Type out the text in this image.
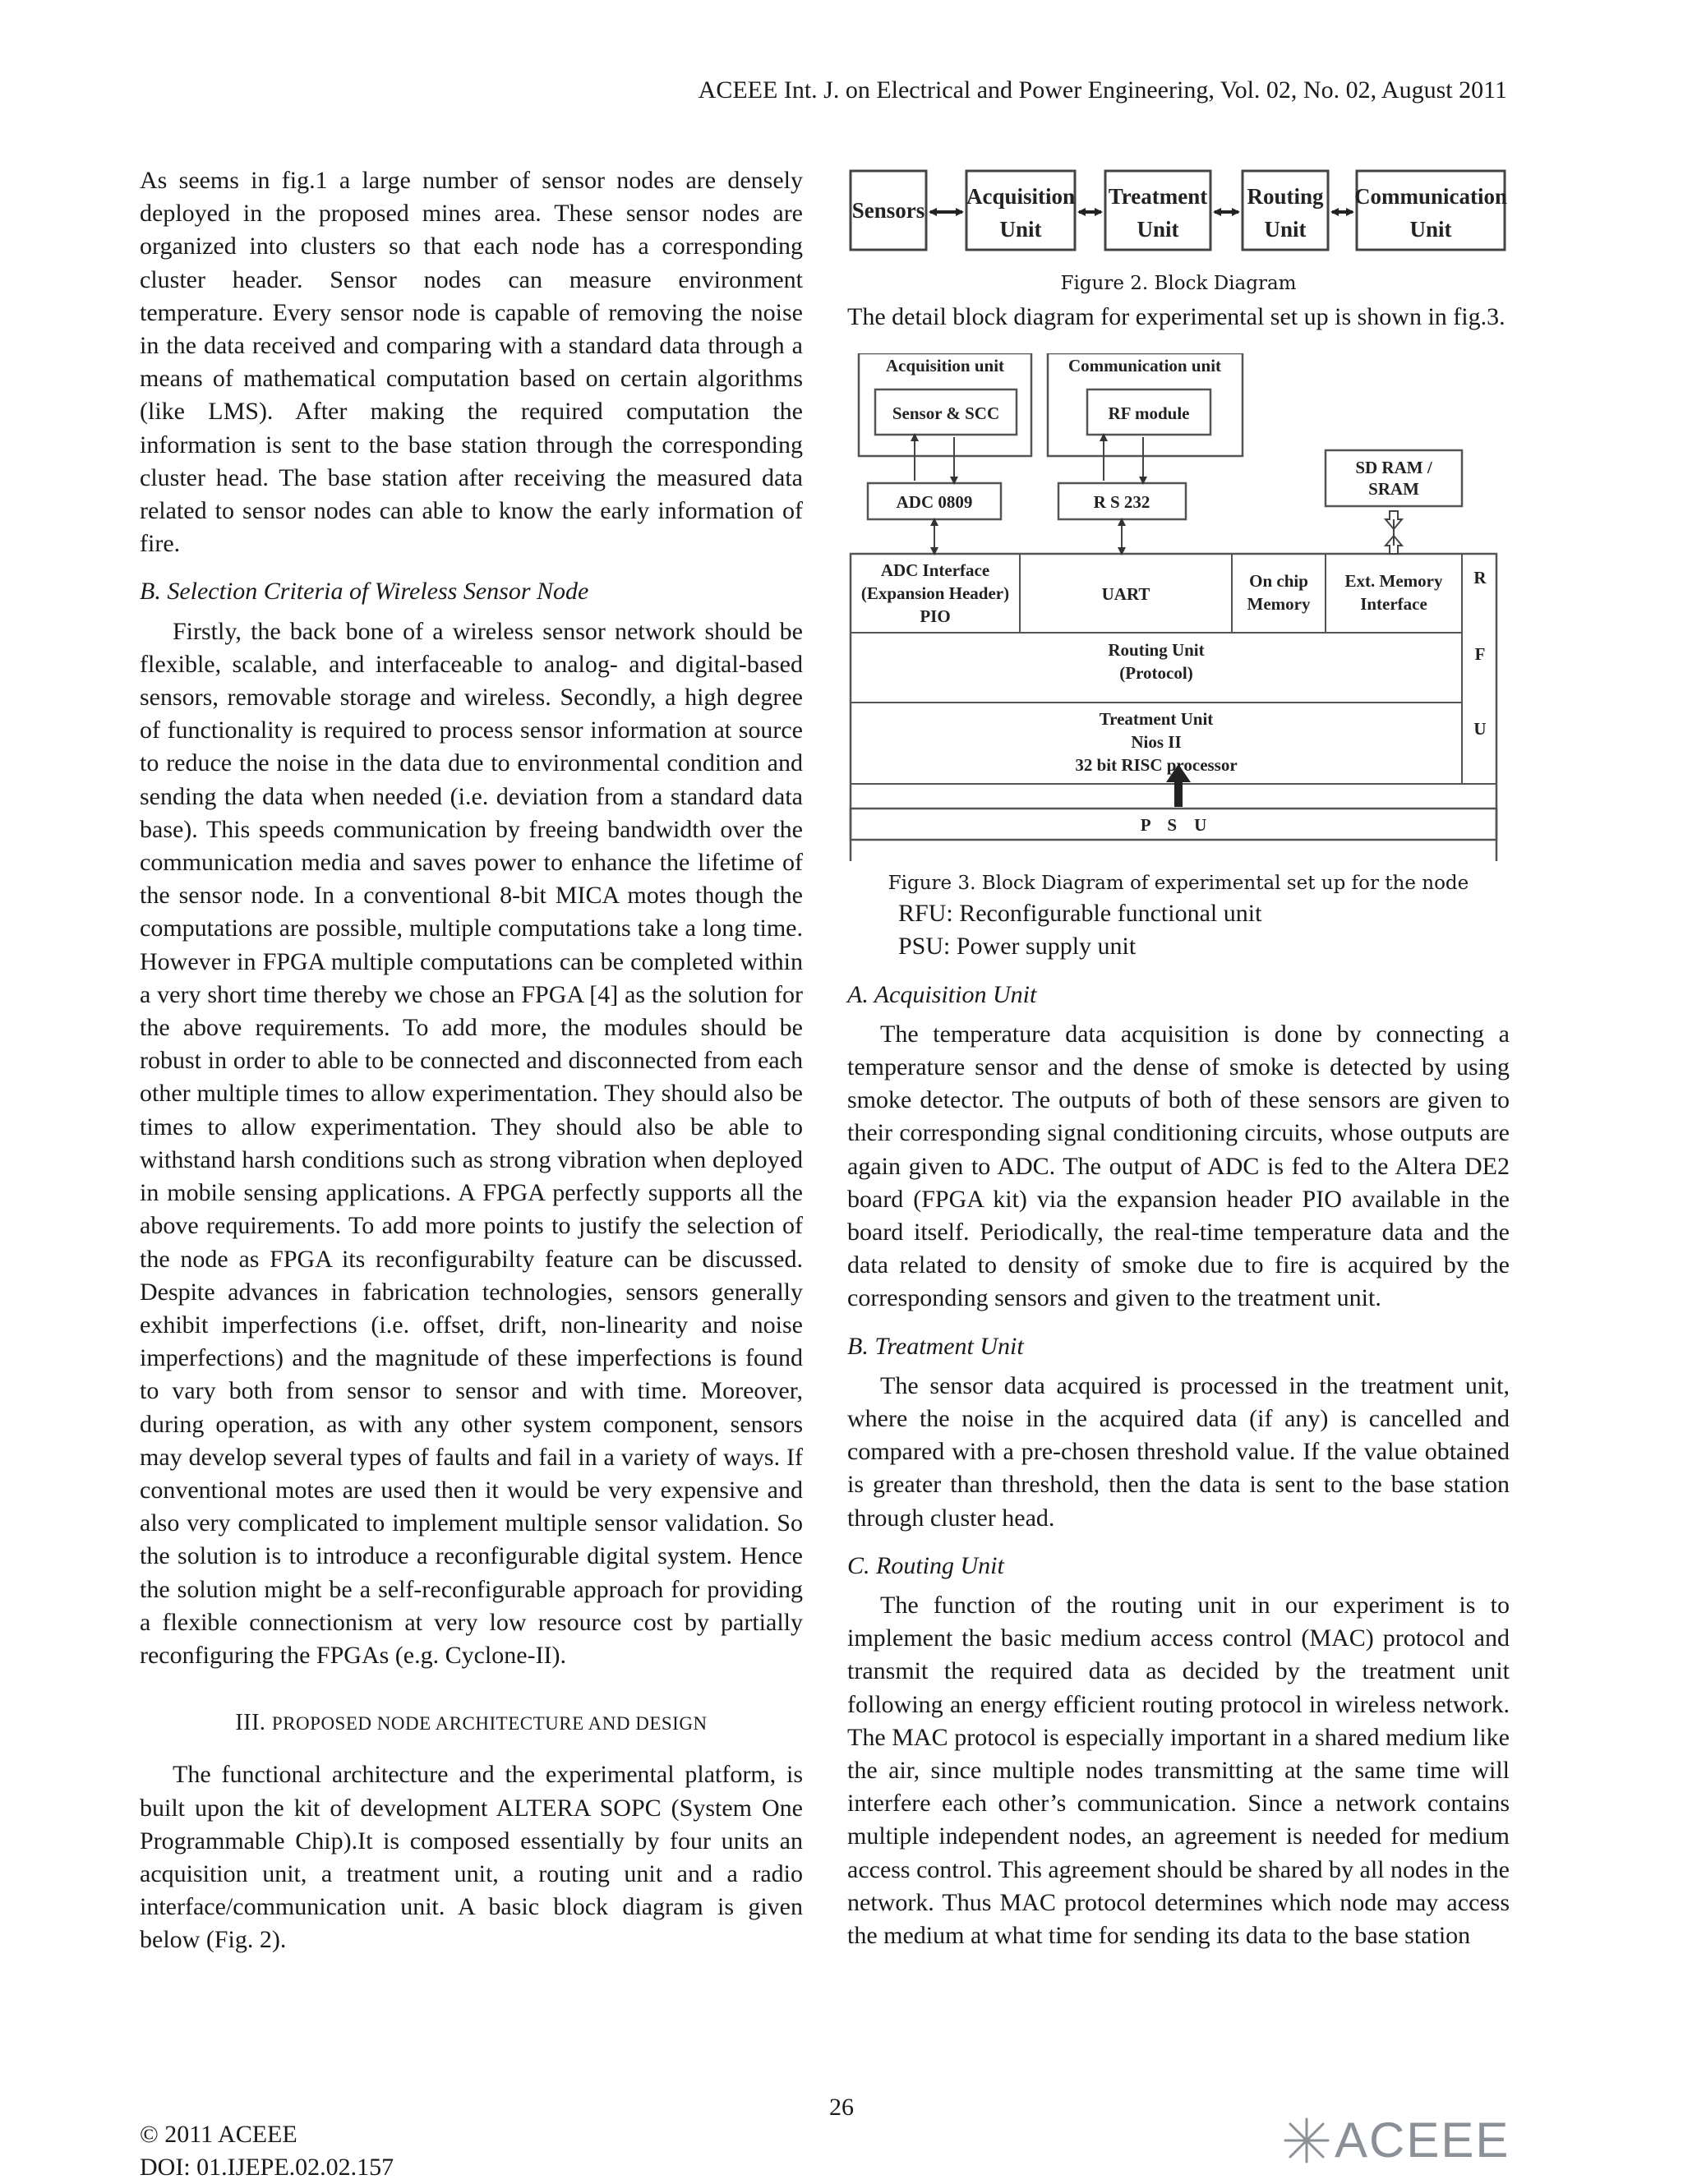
ACEEE Int. J. on Electrical and Power Engineering, Vol. 02, No. 02, August 2011

As seems in fig.1 a large number of sensor nodes are densely deployed in the proposed mines area. These sensor nodes are organized into clusters so that each node has a corresponding cluster header. Sensor nodes can measure environment temperature. Every sensor node is capable of removing the noise in the data received and comparing with a standard data through a means of mathematical computation based on certain algorithms (like LMS). After making the required computation the information is sent to the base station through the corresponding cluster head. The base station after receiving the measured data related to sensor nodes can able to know the early information of fire.

B. Selection Criteria of Wireless Sensor Node

Firstly, the back bone of a wireless sensor network should be flexible, scalable, and interfaceable to analog- and digital-based sensors, removable storage and wireless. Secondly, a high degree of functionality is required to process sensor information at source to reduce the noise in the data due to environmental condition and sending the data when needed (i.e. deviation from a standard data base). This speeds communication by freeing bandwidth over the communication media and saves power to enhance the lifetime of the sensor node. In a conventional 8-bit MICA motes though the computations are possible, multiple computations take a long time. However in FPGA multiple computations can be completed within a very short time thereby we chose an FPGA [4] as the solution for the above requirements. To add more, the modules should be robust in order to able to be connected and disconnected from each other multiple times to allow experimentation. They should also be times to allow experimentation. They should also be able to withstand harsh conditions such as strong vibration when deployed in mobile sensing applications. A FPGA perfectly supports all the above requirements. To add more points to justify the selection of the node as FPGA its reconfigurabilty feature can be discussed. Despite advances in fabrication technologies, sensors generally exhibit imperfections (i.e. offset, drift, non-linearity and noise imperfections) and the magnitude of these imperfections is found to vary both from sensor to sensor and with time. Moreover, during operation, as with any other system component, sensors may develop several types of faults and fail in a variety of ways. If conventional motes are used then it would be very expensive and also very complicated to implement multiple sensor validation. So the solution is to introduce a reconfigurable digital system. Hence the solution might be a self-reconfigurable approach for providing a flexible connectionism at very low resource cost by partially reconfiguring the FPGAs (e.g. Cyclone-II).

III. PROPOSED NODE ARCHITECTURE AND DESIGN

The functional architecture and the experimental platform, is built upon the kit of development ALTERA SOPC (System One Programmable Chip).It is composed essentially by four units an acquisition unit, a treatment unit, a routing unit and a radio interface/communication unit. A basic block diagram is given below (Fig. 2).

Sensors
Acquisition
Unit
Treatment
Unit
Routing
Unit
Communication
Unit
Figure 2. Block Diagram

The detail block diagram for experimental set up is shown in fig.3.

Acquisition unit
Sensor & SCC
Communication unit
RF module
SD RAM /
SRAM
ADC 0809	R S 232
ADC Interface
(Expansion Header)
PIO
UART
On chip
Memory
Ext. Memory
Interface
R
F
U
Routing Unit
(Protocol)
Treatment Unit
Nios II
32 bit RISC processor
P    S    U
Figure 3. Block Diagram of experimental set up for the node

RFU: Reconfigurable functional unit

PSU: Power supply unit

A. Acquisition Unit

The temperature data acquisition is done by connecting a temperature sensor and the dense of smoke is detected by using smoke detector. The outputs of both of these sensors are given to their corresponding signal conditioning circuits, whose outputs are again given to ADC. The output of ADC is fed to the Altera DE2 board (FPGA kit) via the expansion header PIO available in the board itself. Periodically, the real-time temperature data and the data related to density of smoke due to fire is acquired by the corresponding sensors and given to the treatment unit.

B. Treatment Unit

The sensor data acquired is processed in the treatment unit, where the noise in the acquired data (if any) is cancelled and compared with a pre-chosen threshold value. If the value obtained is greater than threshold, then the data is sent to the base station through cluster head.

C. Routing Unit

The function of the routing unit in our experiment is to implement the basic medium access control (MAC) protocol and transmit the required data as decided by the treatment unit following an energy efficient routing protocol in wireless network. The MAC protocol is especially important in a shared medium like the air, since multiple nodes transmitting at the same time will interfere each other’s communication. Since a network contains multiple independent nodes, an agreement is needed for medium access control. This agreement should be shared by all nodes in the network. Thus MAC protocol determines which node may access the medium at what time for sending its data to the base station

26
© 2011 ACEEE
DOI: 01.IJEPE.02.02.157	ACEEE
